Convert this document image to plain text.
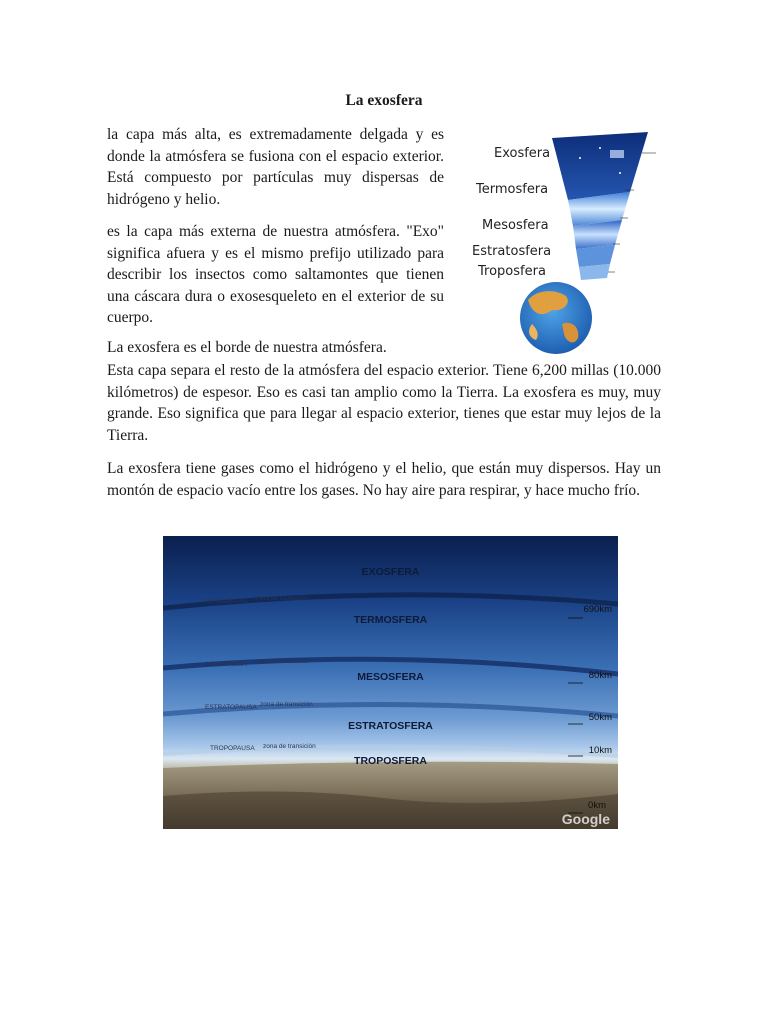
La exosfera

la capa más alta, es extremadamente delgada y es donde la atmósfera se fusiona con el espacio exterior. Está compuesto por partículas muy dispersas de hidrógeno y helio.

es la capa más externa de nuestra atmósfera. "Exo" significa afuera y es el mismo prefijo utilizado para describir los insectos como saltamontes que tienen una cáscara dura o exosesqueleto en el exterior de su cuerpo.

La exosfera es el borde de nuestra atmósfera.

Esta capa separa el resto de la atmósfera del espacio exterior. Tiene 6,200 millas (10.000 kilómetros) de espesor. Eso es casi tan amplio como la Tierra. La exosfera es muy, muy grande. Eso significa que para llegar al espacio exterior, tienes que estar muy lejos de la Tierra.

La exosfera tiene gases como el hidrógeno y el helio, que están muy dispersos. Hay un montón de espacio vacío entre los gases. No hay aire para respirar, y hace mucho frío.

Exosfera
Termosfera
Mesosfera
Estratosfera
Troposfera
EXOSFERA
TERMOSFERA
MESOSFERA
ESTRATOSFERA
TROPOSFERA
TERMOPAUSA zona de transición
MESOPAUSA zona de transición
ESTRATOPAUSA zona de transición
TROPOPAUSA zona de transición
690km
80km
50km
10km
0km
Google
